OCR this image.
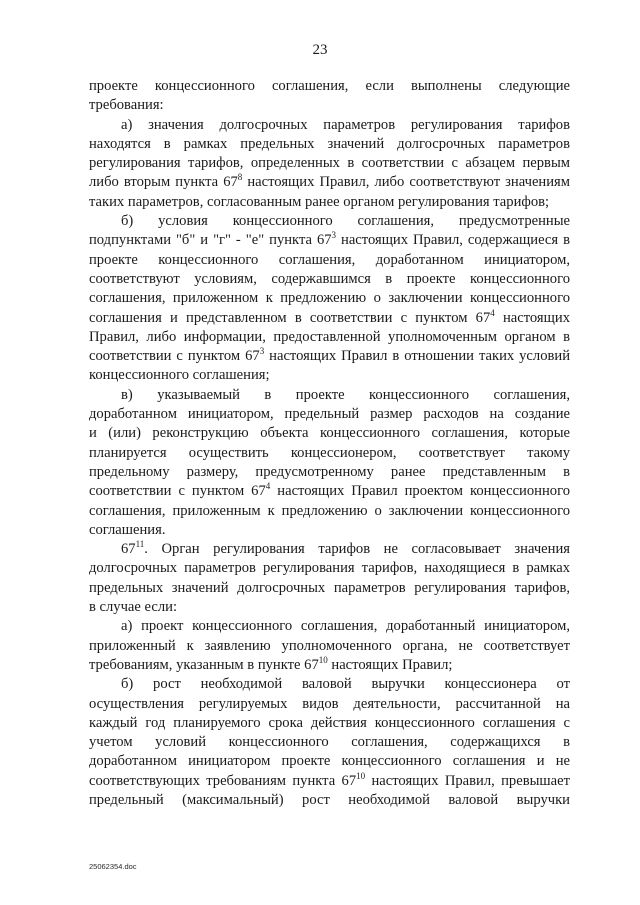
23
проекте концессионного соглашения, если выполнены следующие
требования:
а) значения долгосрочных параметров регулирования тарифов
находятся в рамках предельных значений долгосрочных параметров
регулирования тарифов, определенных в соответствии с абзацем первым
либо вторым пункта $67^8$ настоящих Правил, либо соответствуют значениям
таких параметров, согласованным ранее органом регулирования тарифов;
б) условия концессионного соглашения, предусмотренные
подпунктами "б" и "г" - "е" пункта $67^3$ настоящих Правил, содержащиеся в
проекте концессионного соглашения, доработанном инициатором,
соответствуют условиям, содержавшимся в проекте концессионного
соглашения, приложенном к предложению о заключении концессионного
соглашения и представленном в соответствии с пунктом $67^4$ настоящих
Правил, либо информации, предоставленной уполномоченным органом в
соответствии с пунктом $67^3$ настоящих Правил в отношении таких условий
концессионного соглашения;
в) указываемый в проекте концессионного соглашения,
доработанном инициатором, предельный размер расходов на создание
и (или) реконструкцию объекта концессионного соглашения, которые
планируется осуществить концессионером, соответствует такому
предельному размеру, предусмотренному ранее представленным в
соответствии с пунктом $67^4$ настоящих Правил проектом концессионного
соглашения, приложенным к предложению о заключении концессионного
соглашения.
$67^{11}$. Орган регулирования тарифов не согласовывает значения
долгосрочных параметров регулирования тарифов, находящиеся в рамках
предельных значений долгосрочных параметров регулирования тарифов,
в случае если:
а) проект концессионного соглашения, доработанный инициатором,
приложенный к заявлению уполномоченного органа, не соответствует
требованиям, указанным в пункте $67^{10}$ настоящих Правил;
б) рост необходимой валовой выручки концессионера от
осуществления регулируемых видов деятельности, рассчитанной на
каждый год планируемого срока действия концессионного соглашения с
учетом условий концессионного соглашения, содержащихся в
доработанном инициатором проекте концессионного соглашения и не
соответствующих требованиям пункта $67^{10}$ настоящих Правил, превышает
предельный (максимальный) рост необходимой валовой выручки
25062354.doc
